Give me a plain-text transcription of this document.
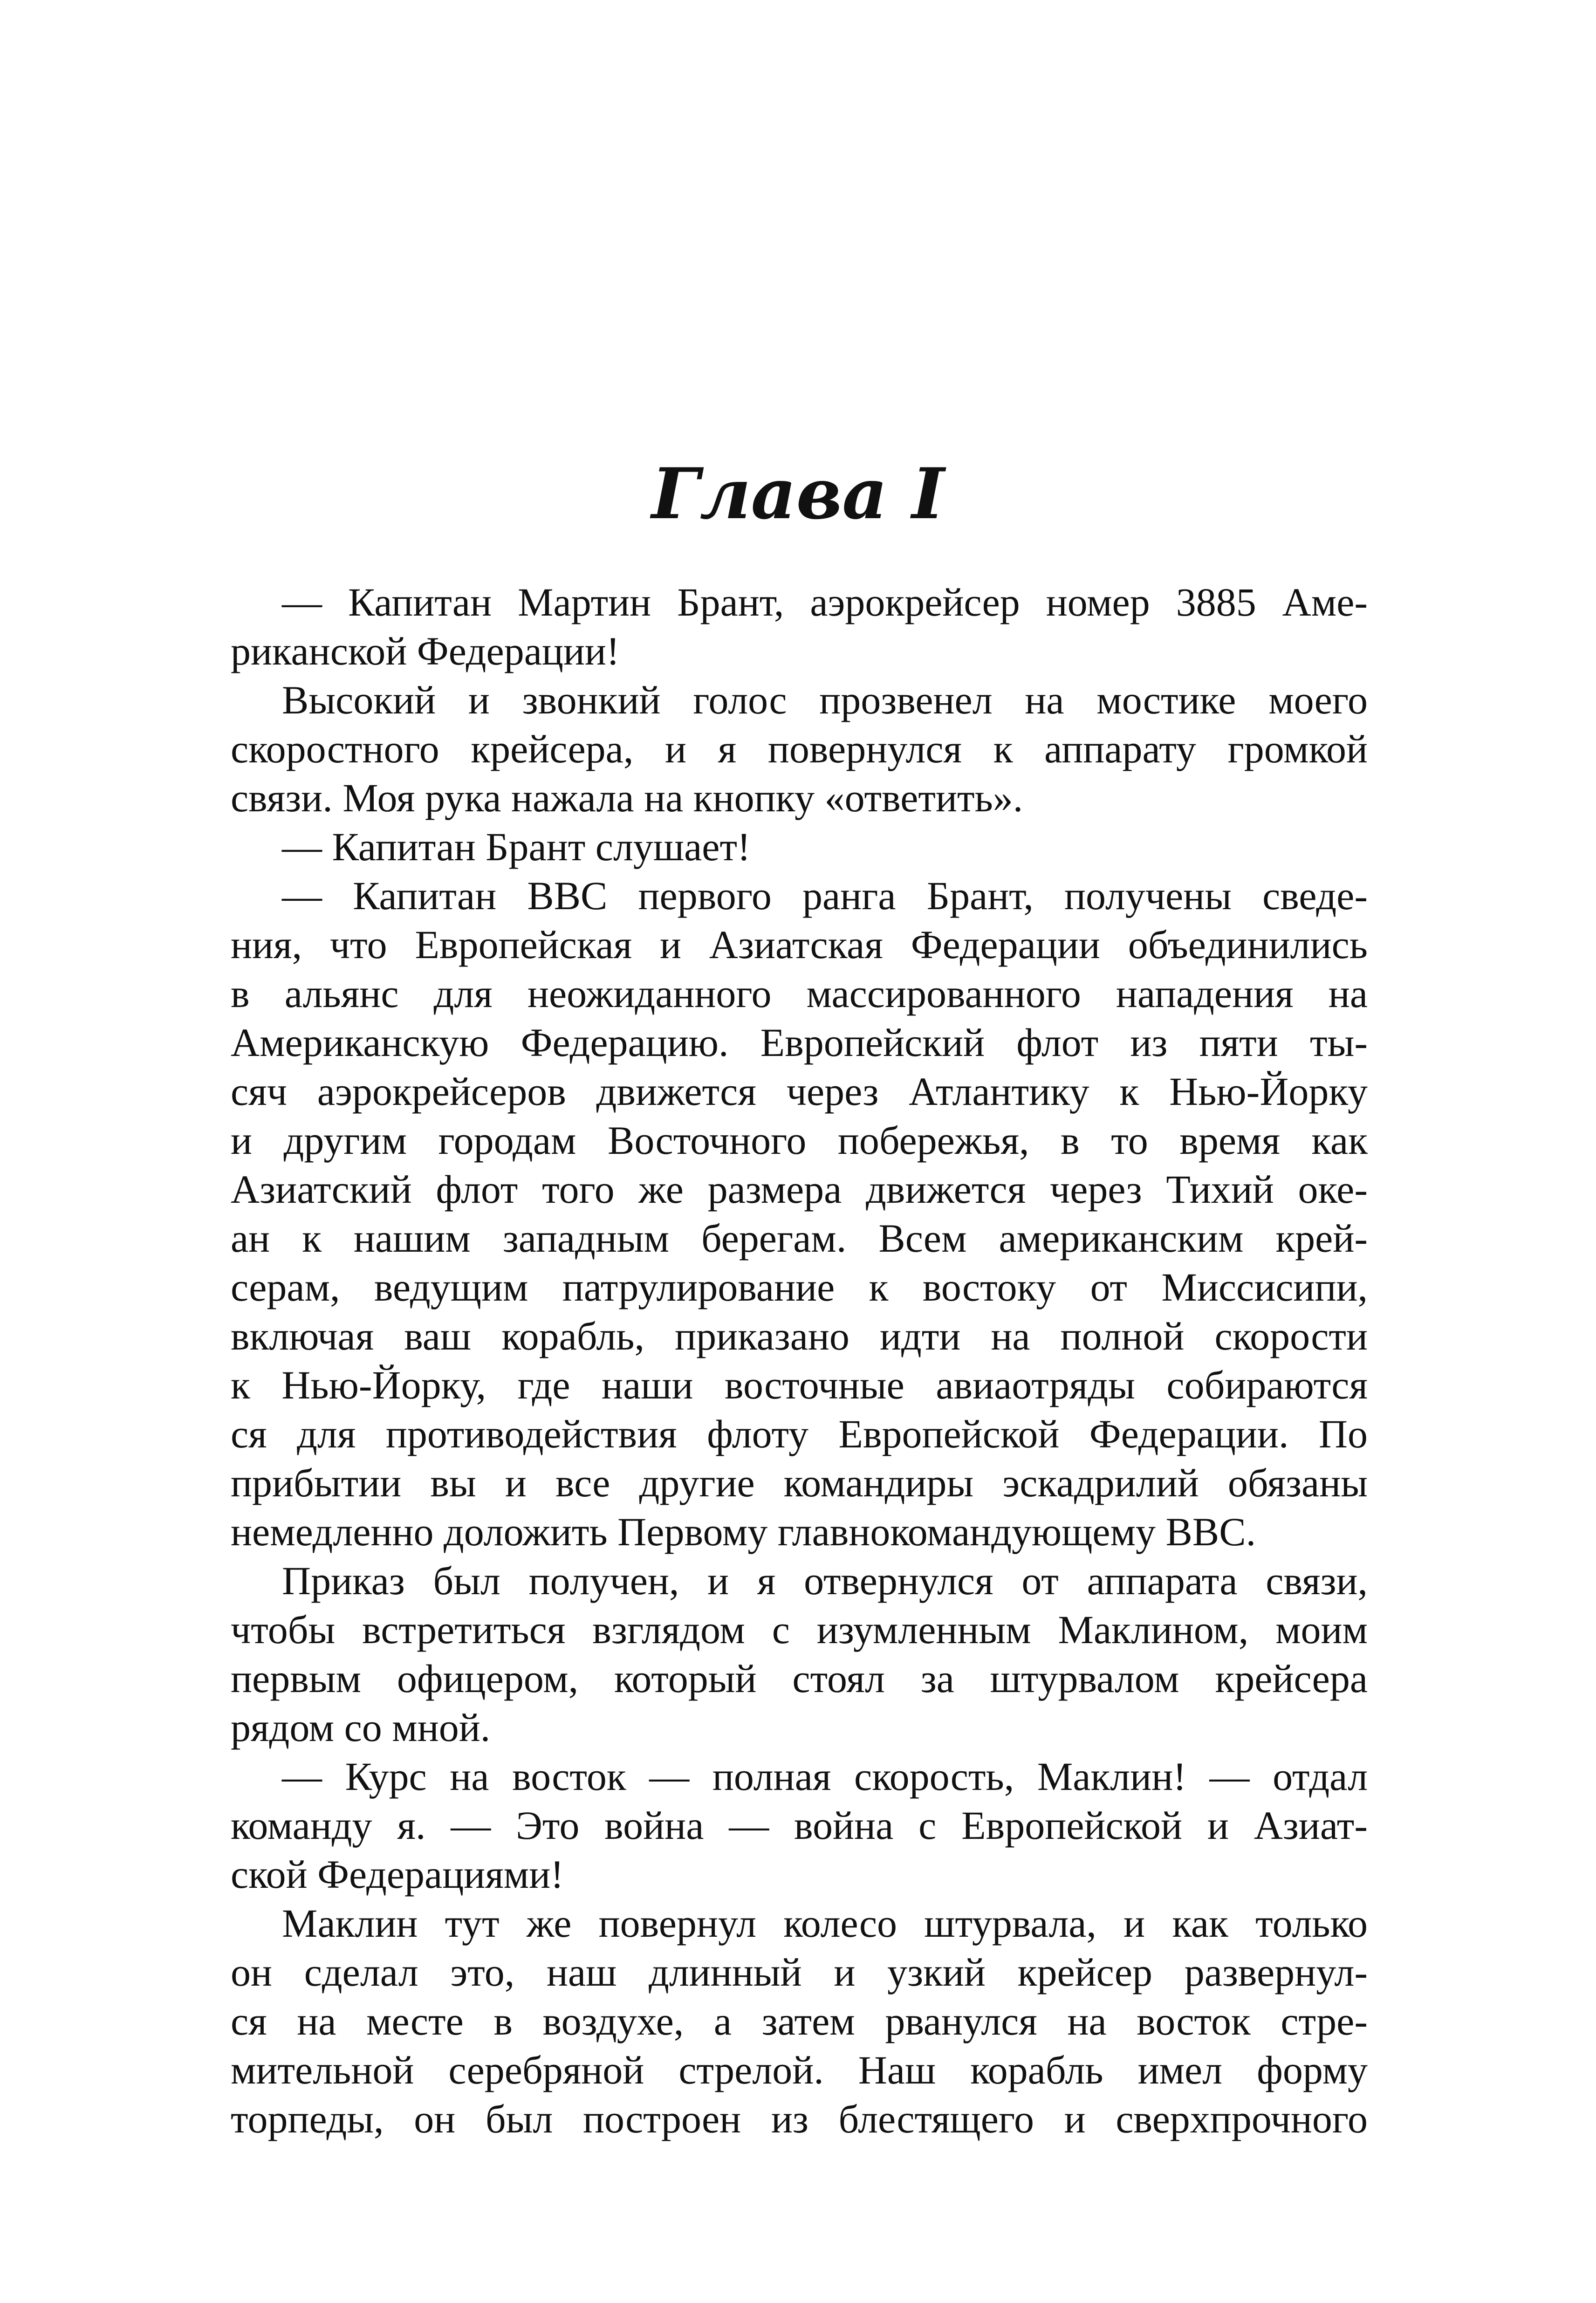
Глава I
— Капитан Мартин Брант, аэрокрейсер номер 3885 Аме-
риканской Федерации!
Высокий и звонкий голос прозвенел на мостике моего
скоростного крейсера, и я повернулся к аппарату громкой
связи. Моя рука нажала на кнопку «ответить».
— Капитан Брант слушает!
— Капитан ВВС первого ранга Брант, получены сведе-
ния, что Европейская и Азиатская Федерации объединились
в альянс для неожиданного массированного нападения на
Американскую Федерацию. Европейский флот из пяти ты-
сяч аэрокрейсеров движется через Атлантику к Нью-Йорку
и другим городам Восточного побережья, в то время как
Азиатский флот того же размера движется через Тихий оке-
ан к нашим западным берегам. Всем американским крей-
серам, ведущим патрулирование к востоку от Миссисипи,
включая ваш корабль, приказано идти на полной скорости
к Нью-Йорку, где наши восточные авиаотряды собираются
ся для противодействия флоту Европейской Федерации. По
прибытии вы и все другие командиры эскадрилий обязаны
немедленно доложить Первому главнокомандующему ВВС.
Приказ был получен, и я отвернулся от аппарата связи,
чтобы встретиться взглядом с изумленным Маклином, моим
первым офицером, который стоял за штурвалом крейсера
рядом со мной.
— Курс на восток — полная скорость, Маклин! — отдал
команду я. — Это война — война с Европейской и Азиат-
ской Федерациями!
Маклин тут же повернул колесо штурвала, и как только
он сделал это, наш длинный и узкий крейсер развернул-
ся на месте в воздухе, а затем рванулся на восток стре-
мительной серебряной стрелой. Наш корабль имел форму
торпеды, он был построен из блестящего и сверхпрочного
